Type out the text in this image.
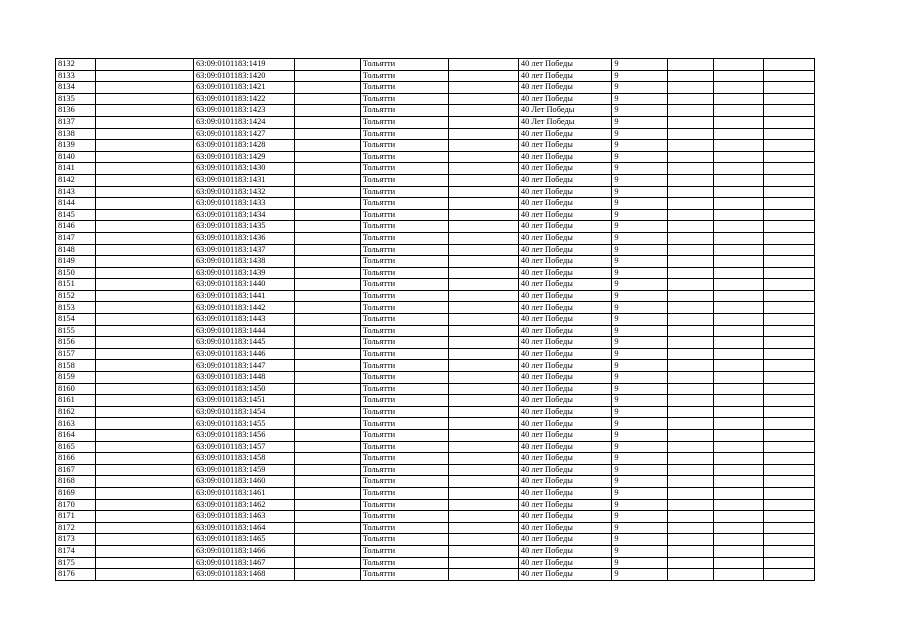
8132		63:09:0101183:1419		Тольятти		40 лет Победы	9			
8133		63:09:0101183:1420		Тольятти		40 лет Победы	9			
8134		63:09:0101183:1421		Тольятти		40 лет Победы	9			
8135		63:09:0101183:1422		Тольятти		40 лет Победы	9			
8136		63:09:0101183:1423		Тольятти		40 Лет Победы	9			
8137		63:09:0101183:1424		Тольятти		40 Лет Победы	9			
8138		63:09:0101183:1427		Тольятти		40 лет Победы	9			
8139		63:09:0101183:1428		Тольятти		40 лет Победы	9			
8140		63:09:0101183:1429		Тольятти		40 лет Победы	9			
8141		63:09:0101183:1430		Тольятти		40 лет Победы	9			
8142		63:09:0101183:1431		Тольятти		40 лет Победы	9			
8143		63:09:0101183:1432		Тольятти		40 лет Победы	9			
8144		63:09:0101183:1433		Тольятти		40 лет Победы	9			
8145		63:09:0101183:1434		Тольятти		40 лет Победы	9			
8146		63:09:0101183:1435		Тольятти		40 лет Победы	9			
8147		63:09:0101183:1436		Тольятти		40 лет Победы	9			
8148		63:09:0101183:1437		Тольятти		40 лет Победы	9			
8149		63:09:0101183:1438		Тольятти		40 лет Победы	9			
8150		63:09:0101183:1439		Тольятти		40 лет Победы	9			
8151		63:09:0101183:1440		Тольятти		40 лет Победы	9			
8152		63:09:0101183:1441		Тольятти		40 лет Победы	9			
8153		63:09:0101183:1442		Тольятти		40 лет Победы	9			
8154		63:09:0101183:1443		Тольятти		40 лет Победы	9			
8155		63:09:0101183:1444		Тольятти		40 лет Победы	9			
8156		63:09:0101183:1445		Тольятти		40 лет Победы	9			
8157		63:09:0101183:1446		Тольятти		40 лет Победы	9			
8158		63:09:0101183:1447		Тольятти		40 лет Победы	9			
8159		63:09:0101183:1448		Тольятти		40 лет Победы	9			
8160		63:09:0101183:1450		Тольятти		40 лет Победы	9			
8161		63:09:0101183:1451		Тольятти		40 лет Победы	9			
8162		63:09:0101183:1454		Тольятти		40 лет Победы	9			
8163		63:09:0101183:1455		Тольятти		40 лет Победы	9			
8164		63:09:0101183:1456		Тольятти		40 лет Победы	9			
8165		63:09:0101183:1457		Тольятти		40 лет Победы	9			
8166		63:09:0101183:1458		Тольятти		40 лет Победы	9			
8167		63:09:0101183:1459		Тольятти		40 лет Победы	9			
8168		63:09:0101183:1460		Тольятти		40 лет Победы	9			
8169		63:09:0101183:1461		Тольятти		40 лет Победы	9			
8170		63:09:0101183:1462		Тольятти		40 лет Победы	9			
8171		63:09:0101183:1463		Тольятти		40 лет Победы	9			
8172		63:09:0101183:1464		Тольятти		40 лет Победы	9			
8173		63:09:0101183:1465		Тольятти		40 лет Победы	9			
8174		63:09:0101183:1466		Тольятти		40 лет Победы	9			
8175		63:09:0101183:1467		Тольятти		40 лет Победы	9			
8176		63:09:0101183:1468		Тольятти		40 лет Победы	9			
